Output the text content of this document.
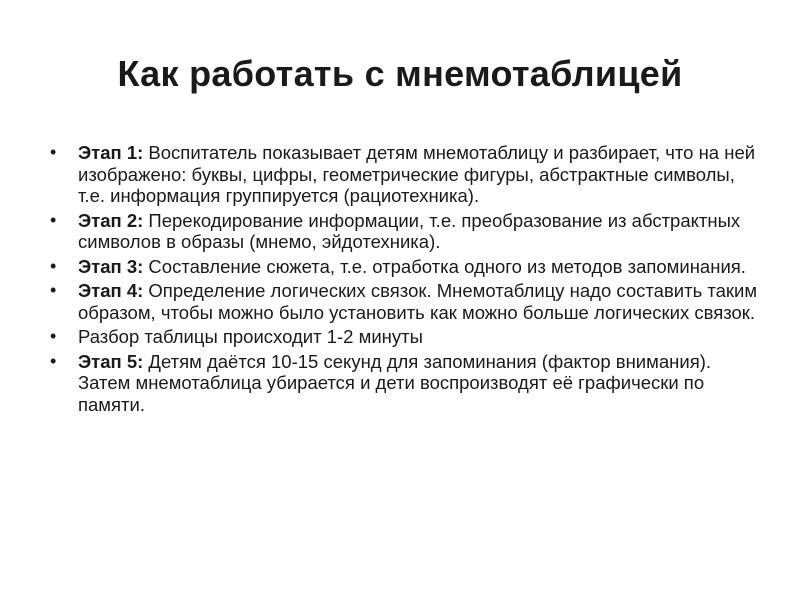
Как работать с мнемотаблицей
• Этап 1: Воспитатель показывает детям мнемотаблицу и разбирает, что на ней изображено: буквы, цифры, геометрические фигуры, абстрактные символы, т.е. информация группируется (рациотехника).
• Этап 2: Перекодирование информации, т.е. преобразование из абстрактных символов в образы (мнемо, эйдотехника).
• Этап 3: Составление сюжета, т.е. отработка одного из методов запоминания.
• Этап 4: Определение логических связок. Мнемотаблицу надо составить таким образом, чтобы можно было установить как можно больше логических связок.
• Разбор таблицы происходит 1-2 минуты
• Этап 5: Детям даётся 10-15 секунд для запоминания (фактор внимания). Затем мнемотаблица убирается и дети воспроизводят её графически по памяти.
